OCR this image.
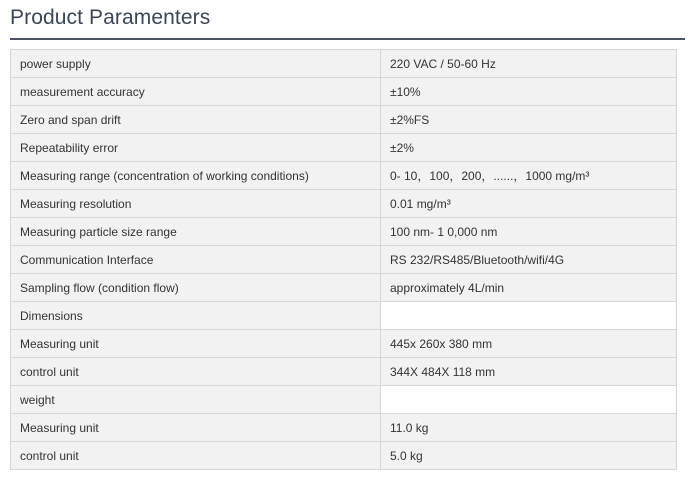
Product Paramenters
power supply	220 VAC / 50-60 Hz
measurement accuracy	±10%
Zero and span drift	±2%FS
Repeatability error	±2%
Measuring range (concentration of working conditions)	0- 10，100，200，......，1000 mg/m³
Measuring resolution	0.01 mg/m³
Measuring particle size range	100 nm- 1 0,000 nm
Communication Interface	RS 232/RS485/Bluetooth/wifi/4G
Sampling flow (condition flow)	approximately 4L/min
Dimensions	
Measuring unit	445x 260x 380 mm
control unit	344X 484X 118 mm
weight	
Measuring unit	11.0 kg
control unit	5.0 kg
